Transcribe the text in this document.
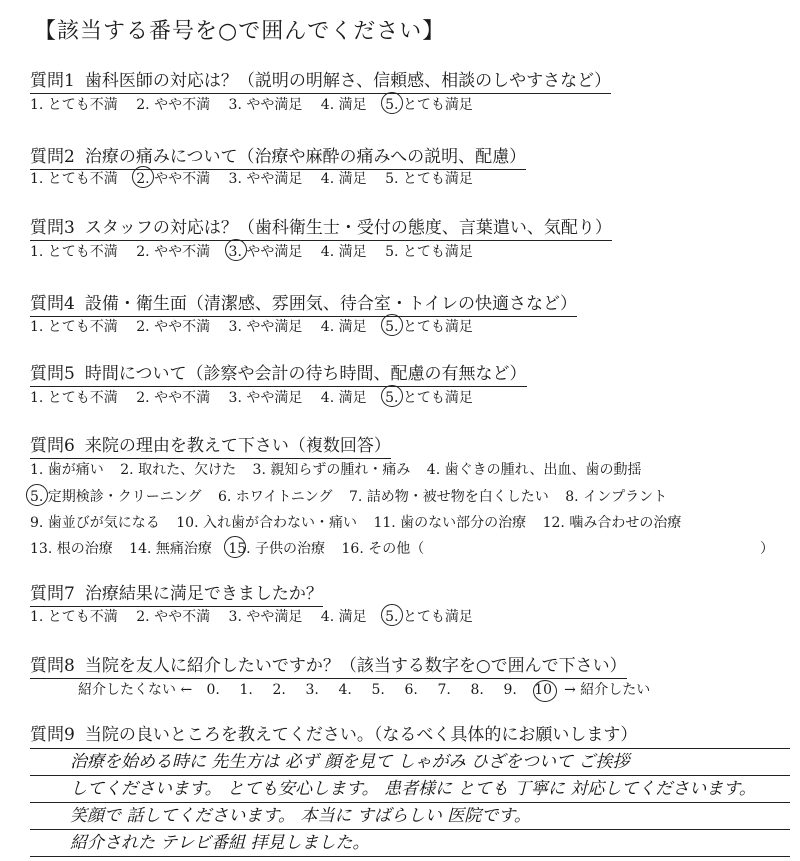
【該当する番号を○で囲んでください】
質問1 歯科医師の対応は？（説明の明解さ、信頼感、相談のしやすさなど）
1. とても不満 2. やや不満 3. やや満足 4. 満足 5. とても満足
質問2 治療の痛みについて（治療や麻酔の痛みへの説明、配慮）
1. とても不満 2. やや不満 3. やや満足 4. 満足 5. とても満足
質問3 スタッフの対応は？（歯科衛生士・受付の態度、言葉遣い、気配り）
1. とても不満 2. やや不満 3. やや満足 4. 満足 5. とても満足
質問4 設備・衛生面（清潔感、雰囲気、待合室・トイレの快適さなど）
1. とても不満 2. やや不満 3. やや満足 4. 満足 5. とても満足
質問5 時間について（診察や会計の待ち時間、配慮の有無など）
1. とても不満 2. やや不満 3. やや満足 4. 満足 5. とても満足
質問6 来院の理由を教えて下さい（複数回答）
1. 歯が痛い 2. 取れた、欠けた 3. 親知らずの腫れ・痛み 4. 歯ぐきの腫れ、出血、歯の動揺
5. 定期検診・クリーニング 6. ホワイトニング 7. 詰め物・被せ物を白くしたい 8. インプラント
9. 歯並びが気になる 10. 入れ歯が合わない・痛い 11. 歯のない部分の治療 12. 噛み合わせの治療
13. 根の治療 14. 無痛治療 15. 子供の治療 16. その他（	）
質問7 治療結果に満足できましたか？
1. とても不満 2. やや不満 3. やや満足 4. 満足 5. とても満足
質問8 当院を友人に紹介したいですか？（該当する数字を○で囲んで下さい）
紹介したくない ← 0. 1. 2. 3. 4. 5. 6. 7. 8. 9. 10 → 紹介したい
質問9 当院の良いところを教えてください。（なるべく具体的にお願いします）
治療を始める時に 先生方は 必ず 顔を見て しゃがみ ひざをついて ご挨拶
してくださいます。 とても安心します。 患者様に とても 丁寧に 対応してくださいます。
笑顔で 話してくださいます。 本当に すばらしい 医院です。
紹介された テレビ番組 拝見しました。
